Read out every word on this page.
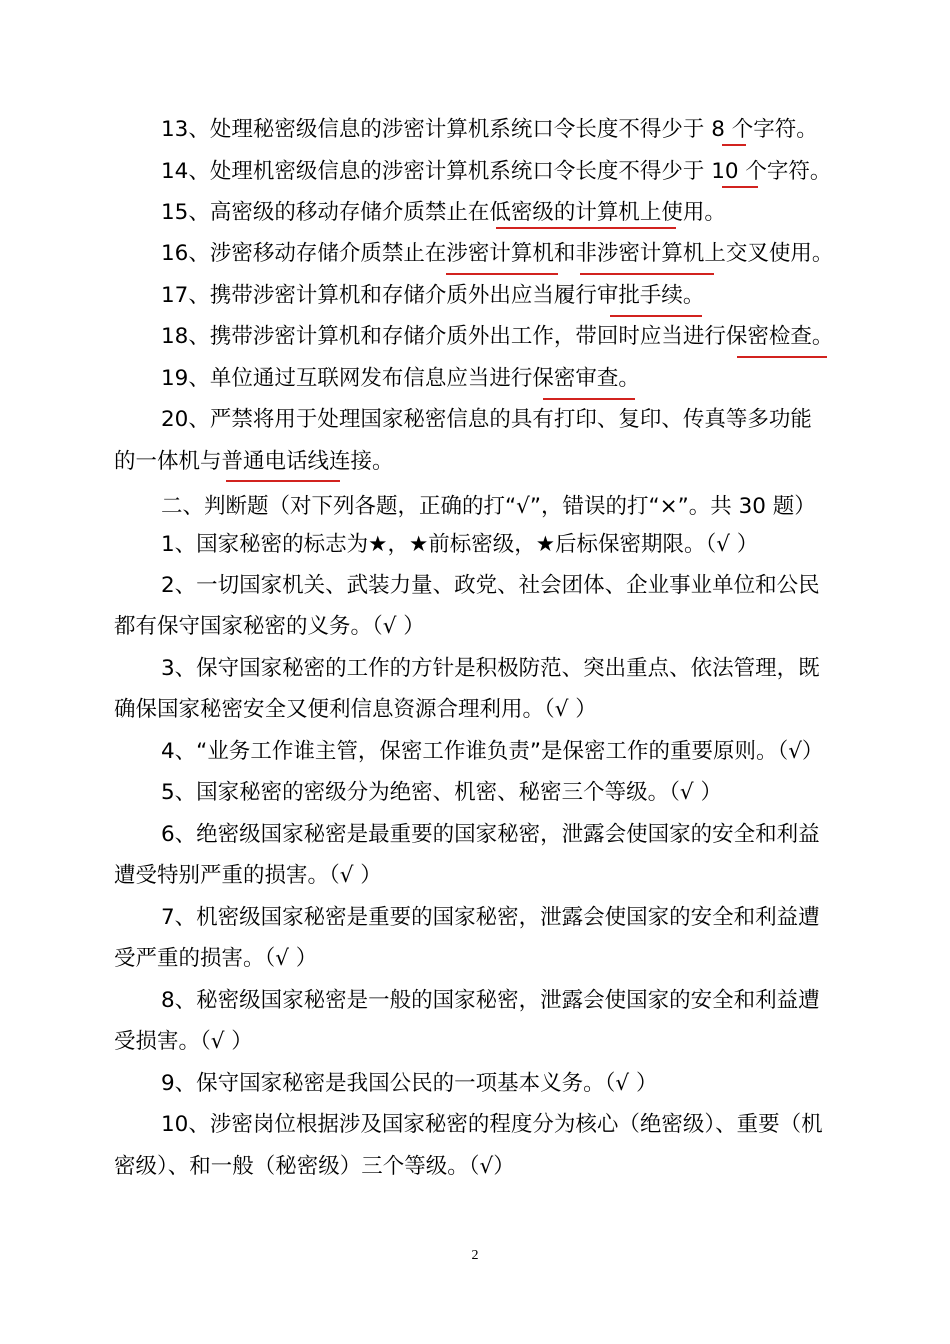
13、处理秘密级信息的涉密计算机系统口令长度不得少于 8 个字符。
14、处理机密级信息的涉密计算机系统口令长度不得少于 10 个字符。
15、高密级的移动存储介质禁止在低密级的计算机上使用。
16、涉密移动存储介质禁止在涉密计算机和非涉密计算机上交叉使用。
17、携带涉密计算机和存储介质外出应当履行审批手续。
18、携带涉密计算机和存储介质外出工作，带回时应当进行保密检查。
19、单位通过互联网发布信息应当进行保密审查。
20、严禁将用于处理国家秘密信息的具有打印、复印、传真等多功能
的一体机与普通电话线连接。
二、判断题（对下列各题，正确的打“√”，错误的打“×”。共 30 题）
1、国家秘密的标志为★，★前标密级，★后标保密期限。（√ ）
2、一切国家机关、武装力量、政党、社会团体、企业事业单位和公民
都有保守国家秘密的义务。（√ ）
3、保守国家秘密的工作的方针是积极防范、突出重点、依法管理，既
确保国家秘密安全又便利信息资源合理利用。（√ ）
4、“业务工作谁主管，保密工作谁负责”是保密工作的重要原则。（√）
5、国家秘密的密级分为绝密、机密、秘密三个等级。（√ ）
6、绝密级国家秘密是最重要的国家秘密，泄露会使国家的安全和利益
遭受特别严重的损害。（√ ）
7、机密级国家秘密是重要的国家秘密，泄露会使国家的安全和利益遭
受严重的损害。（√ ）
8、秘密级国家秘密是一般的国家秘密，泄露会使国家的安全和利益遭
受损害。（√ ）
9、保守国家秘密是我国公民的一项基本义务。（√ ）
10、涉密岗位根据涉及国家秘密的程度分为核心（绝密级）、重要（机
密级）、和一般（秘密级）三个等级。（√）
2
